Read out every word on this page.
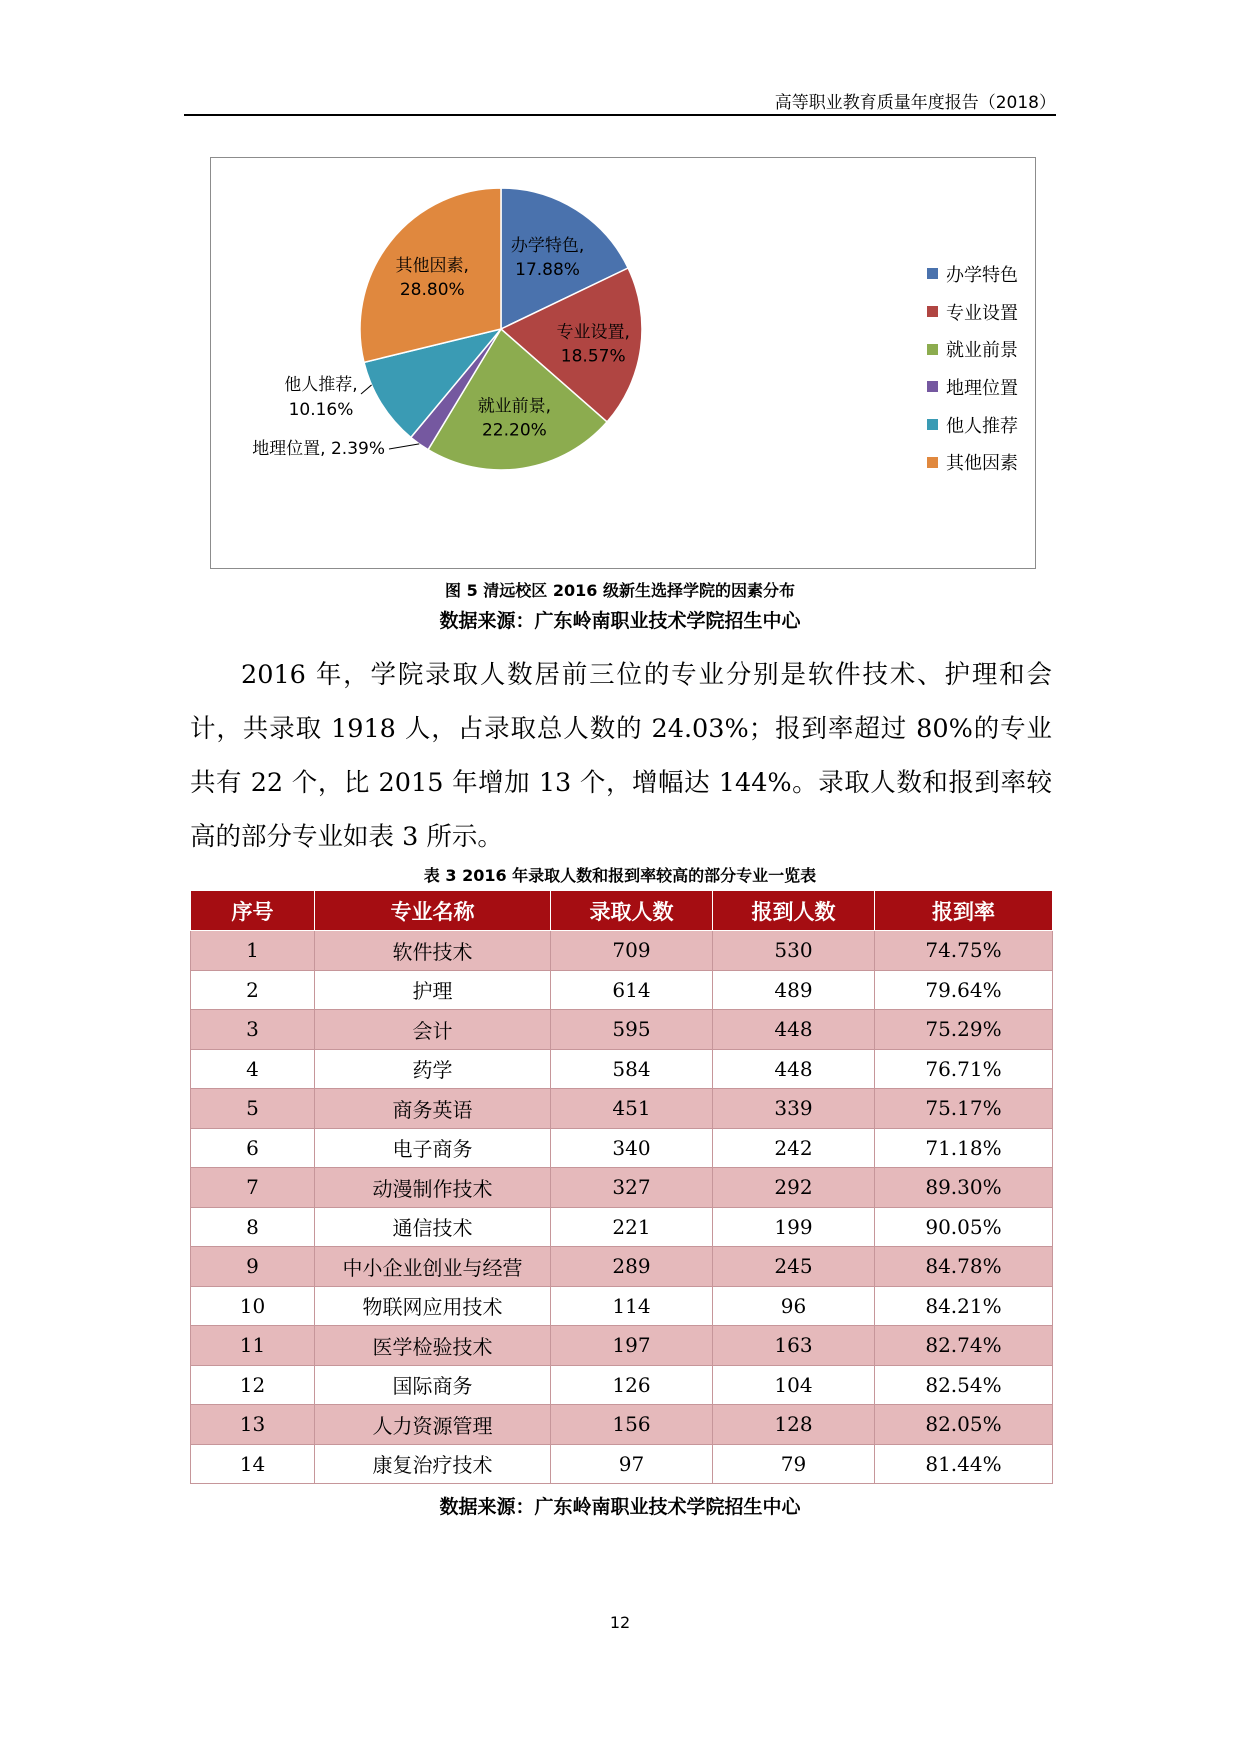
高等职业教育质量年度报告（2018）
办学特色,
17.88%
专业设置,
18.57%
就业前景,
22.20%
其他因素,
28.80%
他人推荐,
10.16%
地理位置, 2.39%
办学特色
专业设置
就业前景
地理位置
他人推荐
其他因素
图 5 清远校区 2016 级新生选择学院的因素分布
数据来源：广东岭南职业技术学院招生中心

2016 年，学院录取人数居前三位的专业分别是软件技术、护理和会计，共录取 1918 人，占录取总人数的 24.03%；报到率超过 80%的专业共有 22 个，比 2015 年增加 13 个，增幅达 144%。录取人数和报到率较高的部分专业如表 3 所示。

表 3 2016 年录取人数和报到率较高的部分专业一览表
序号	专业名称	录取人数	报到人数	报到率
1	软件技术	709	530	74.75%
2	护理	614	489	79.64%
3	会计	595	448	75.29%
4	药学	584	448	76.71%
5	商务英语	451	339	75.17%
6	电子商务	340	242	71.18%
7	动漫制作技术	327	292	89.30%
8	通信技术	221	199	90.05%
9	中小企业创业与经营	289	245	84.78%
10	物联网应用技术	114	96	84.21%
11	医学检验技术	197	163	82.74%
12	国际商务	126	104	82.54%
13	人力资源管理	156	128	82.05%
14	康复治疗技术	97	79	81.44%
数据来源：广东岭南职业技术学院招生中心
12
